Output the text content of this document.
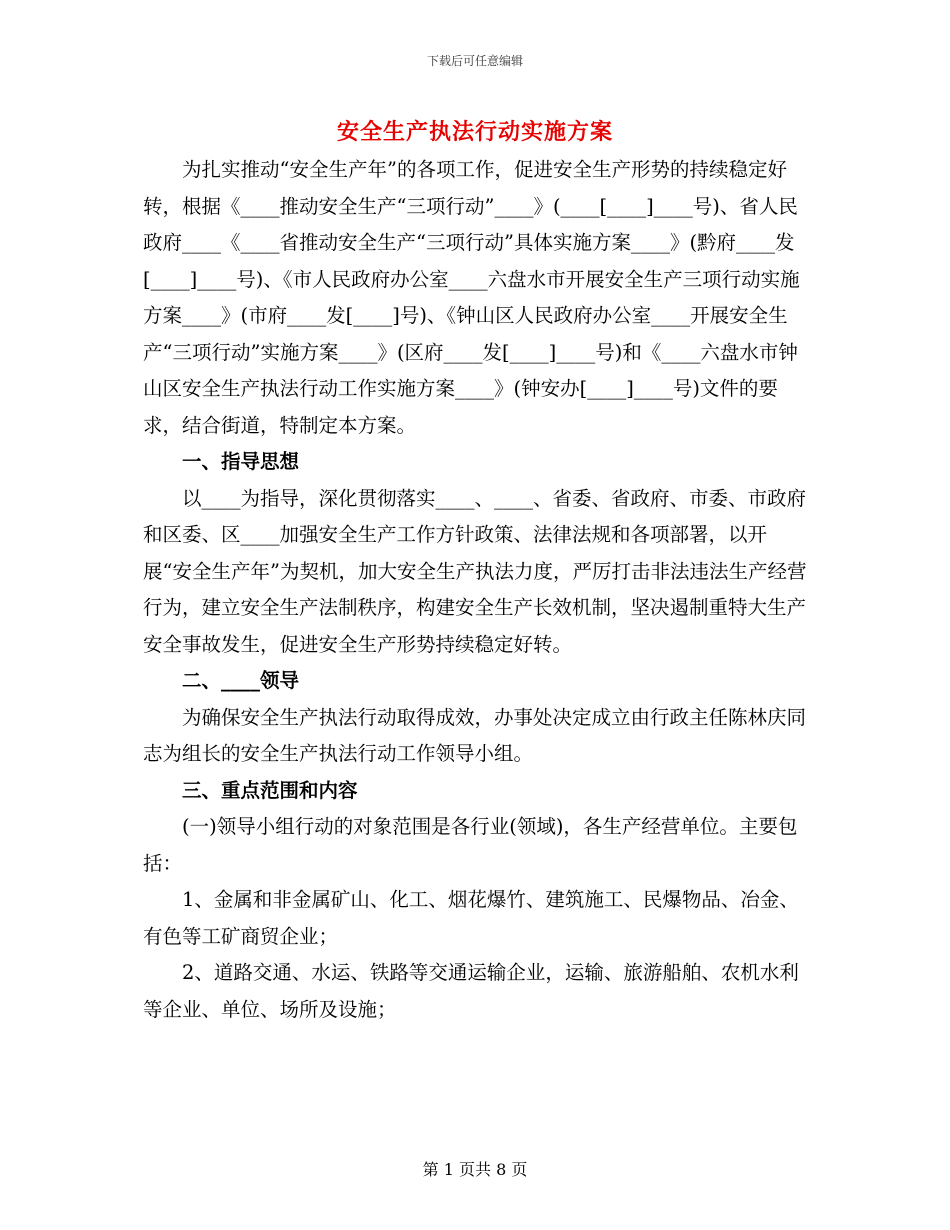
下载后可任意编辑
安全生产执法行动实施方案

为扎实推动“安全生产年”的各项工作，促进安全生产形势的持续稳定好转，根据《____推动安全生产“三项行动”____》(____[____]____号)、省人民政府____《____省推动安全生产“三项行动”具体实施方案____》(黔府____发[____]____号)、《市人民政府办公室____六盘水市开展安全生产三项行动实施方案____》(市府____发[____]号)、《钟山区人民政府办公室____开展安全生产“三项行动”实施方案____》(区府____发[____]____号)和《____六盘水市钟山区安全生产执法行动工作实施方案____》(钟安办[____]____号)文件的要求，结合街道，特制定本方案。

一、指导思想

以____为指导，深化贯彻落实____、____、省委、省政府、市委、市政府和区委、区____加强安全生产工作方针政策、法律法规和各项部署，以开展“安全生产年”为契机，加大安全生产执法力度，严厉打击非法违法生产经营行为，建立安全生产法制秩序，构建安全生产长效机制，坚决遏制重特大生产安全事故发生，促进安全生产形势持续稳定好转。

二、____领导

为确保安全生产执法行动取得成效，办事处决定成立由行政主任陈林庆同志为组长的安全生产执法行动工作领导小组。

三、重点范围和内容

(一)领导小组行动的对象范围是各行业(领域)，各生产经营单位。主要包括：

1、金属和非金属矿山、化工、烟花爆竹、建筑施工、民爆物品、冶金、有色等工矿商贸企业；

2、道路交通、水运、铁路等交通运输企业，运输、旅游船舶、农机水利等企业、单位、场所及设施；

第 1 页共 8 页
